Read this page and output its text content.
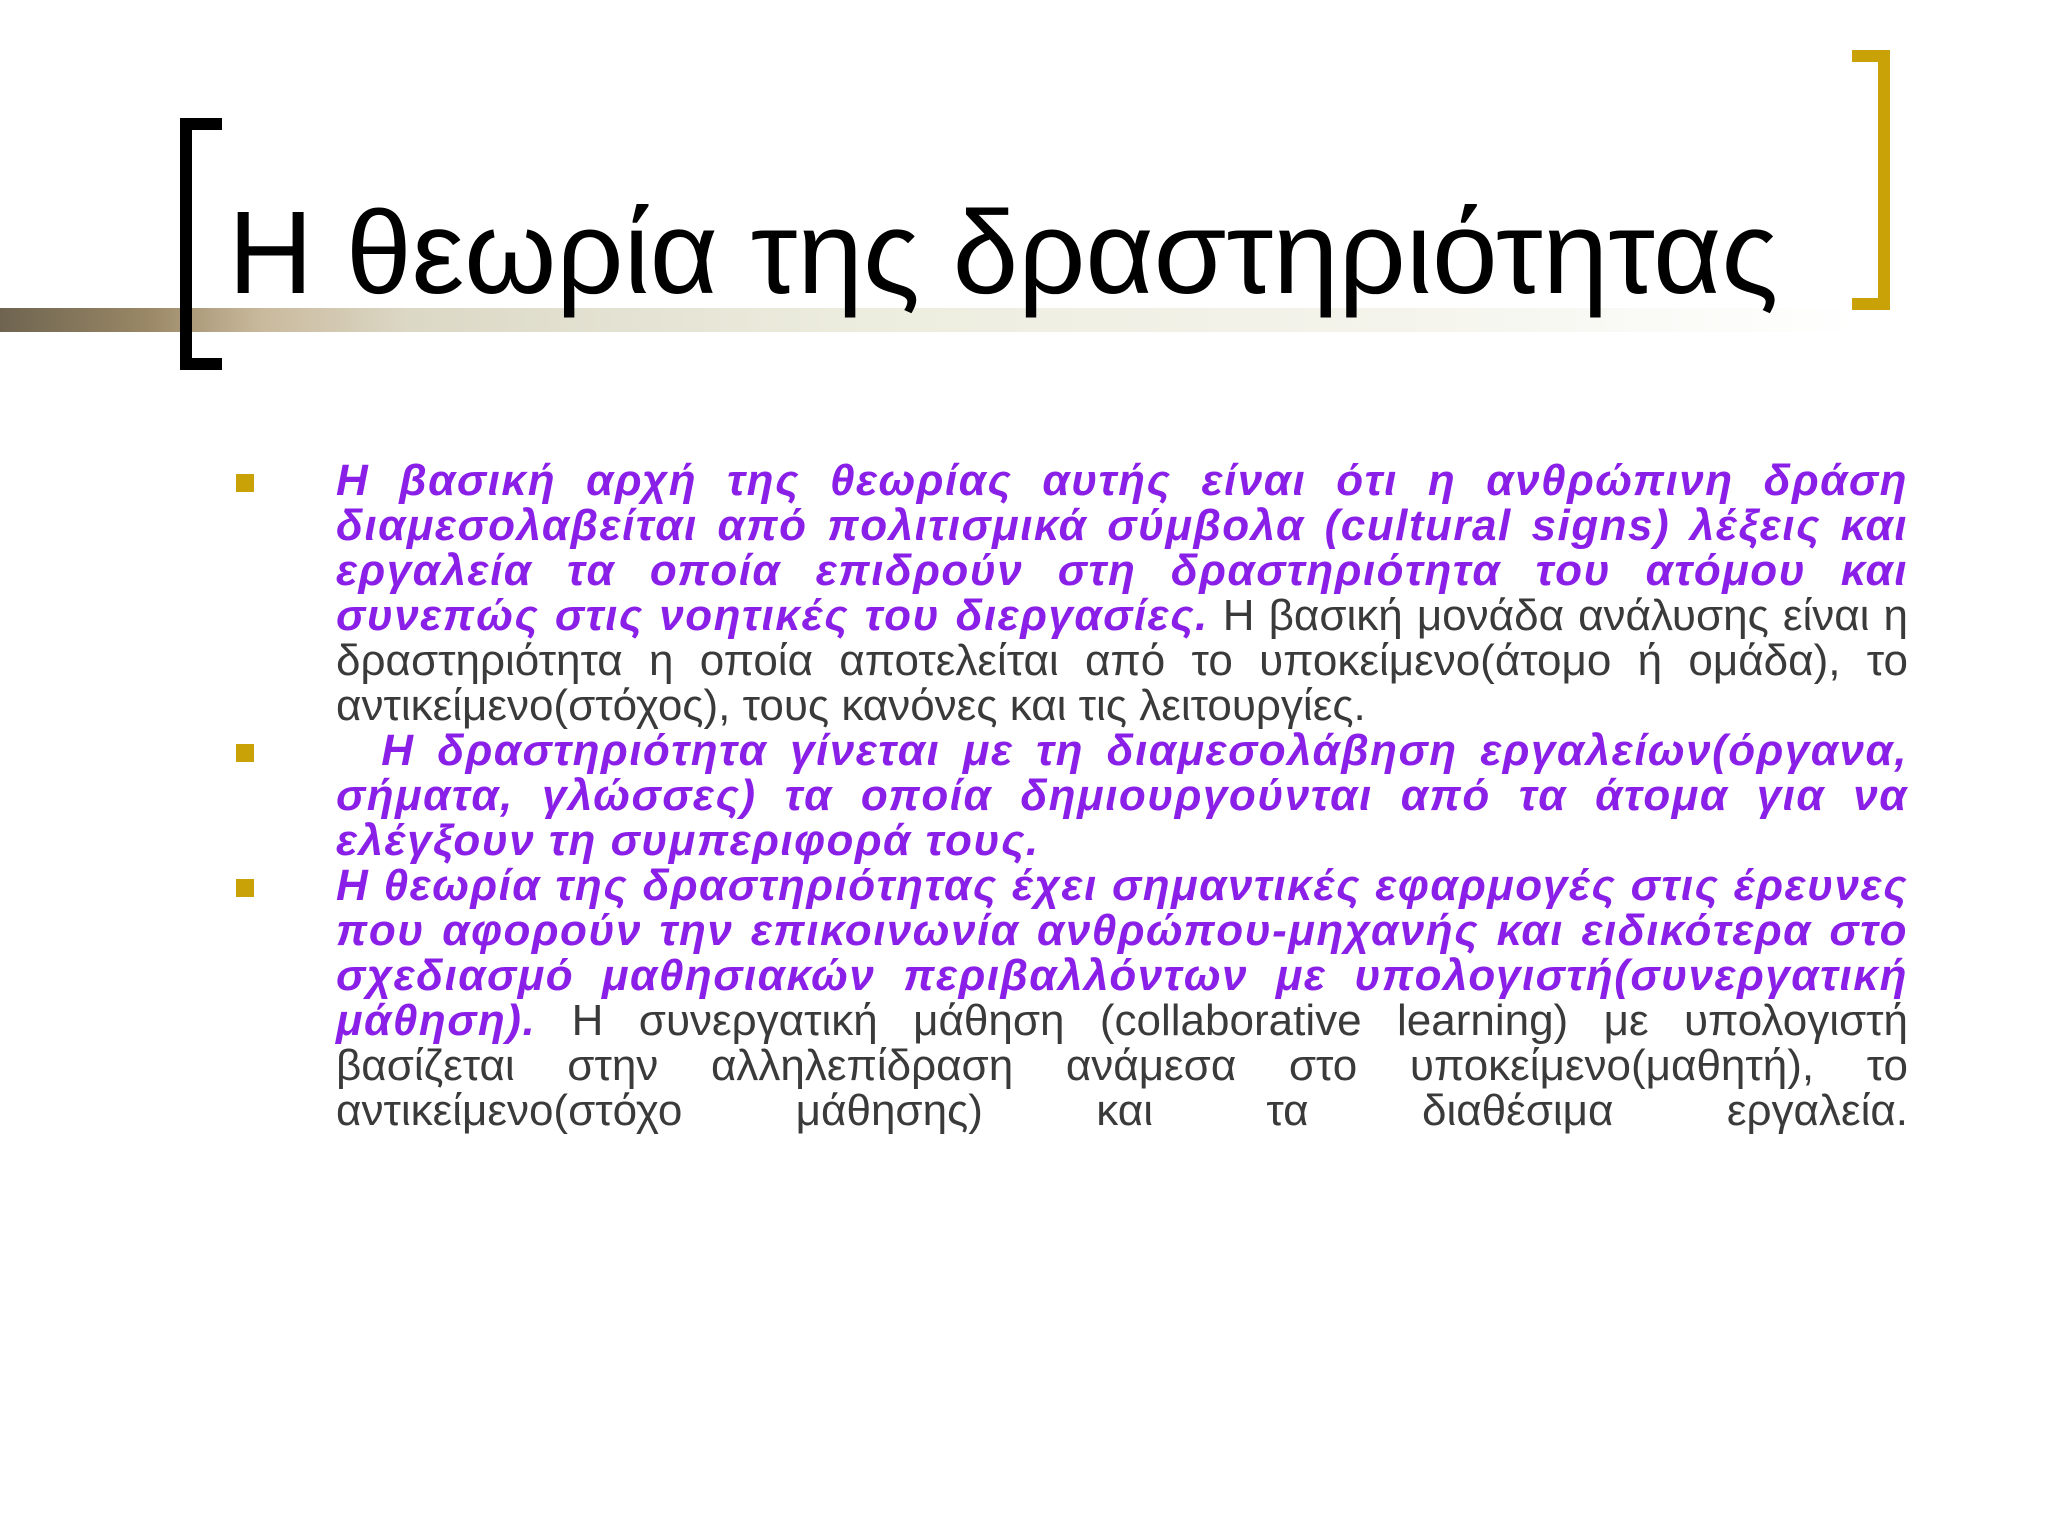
Η θεωρία της δραστηριότητας

Η βασική αρχή της θεωρίας αυτής είναι ότι η ανθρώπινη δράση διαμεσολαβείται από πολιτισμικά σύμβολα (cultural signs) λέξεις και εργαλεία τα οποία επιδρούν στη δραστηριότητα του ατόμου και συνεπώς στις νοητικές του διεργασίες. Η βασική μονάδα ανάλυσης είναι η δραστηριότητα η οποία αποτελείται από το υποκείμενο(άτομο ή ομάδα), το αντικείμενο(στόχος), τους κανόνες και τις λειτουργίες.

Η δραστηριότητα γίνεται με τη διαμεσολάβηση εργαλείων(όργανα, σήματα, γλώσσες) τα οποία δημιουργούνται από τα άτομα για να ελέγξουν τη συμπεριφορά τους.

Η θεωρία της δραστηριότητας έχει σημαντικές εφαρμογές στις έρευνες που αφορούν την επικοινωνία ανθρώπου-μηχανής και ειδικότερα στο σχεδιασμό μαθησιακών περιβαλλόντων με υπολογιστή(συνεργατική μάθηση). Η συνεργατική μάθηση (collaborative learning) με υπολογιστή βασίζεται στην αλληλεπίδραση ανάμεσα στο υποκείμενο(μαθητή), το αντικείμενο(στόχο μάθησης) και τα διαθέσιμα εργαλεία.
